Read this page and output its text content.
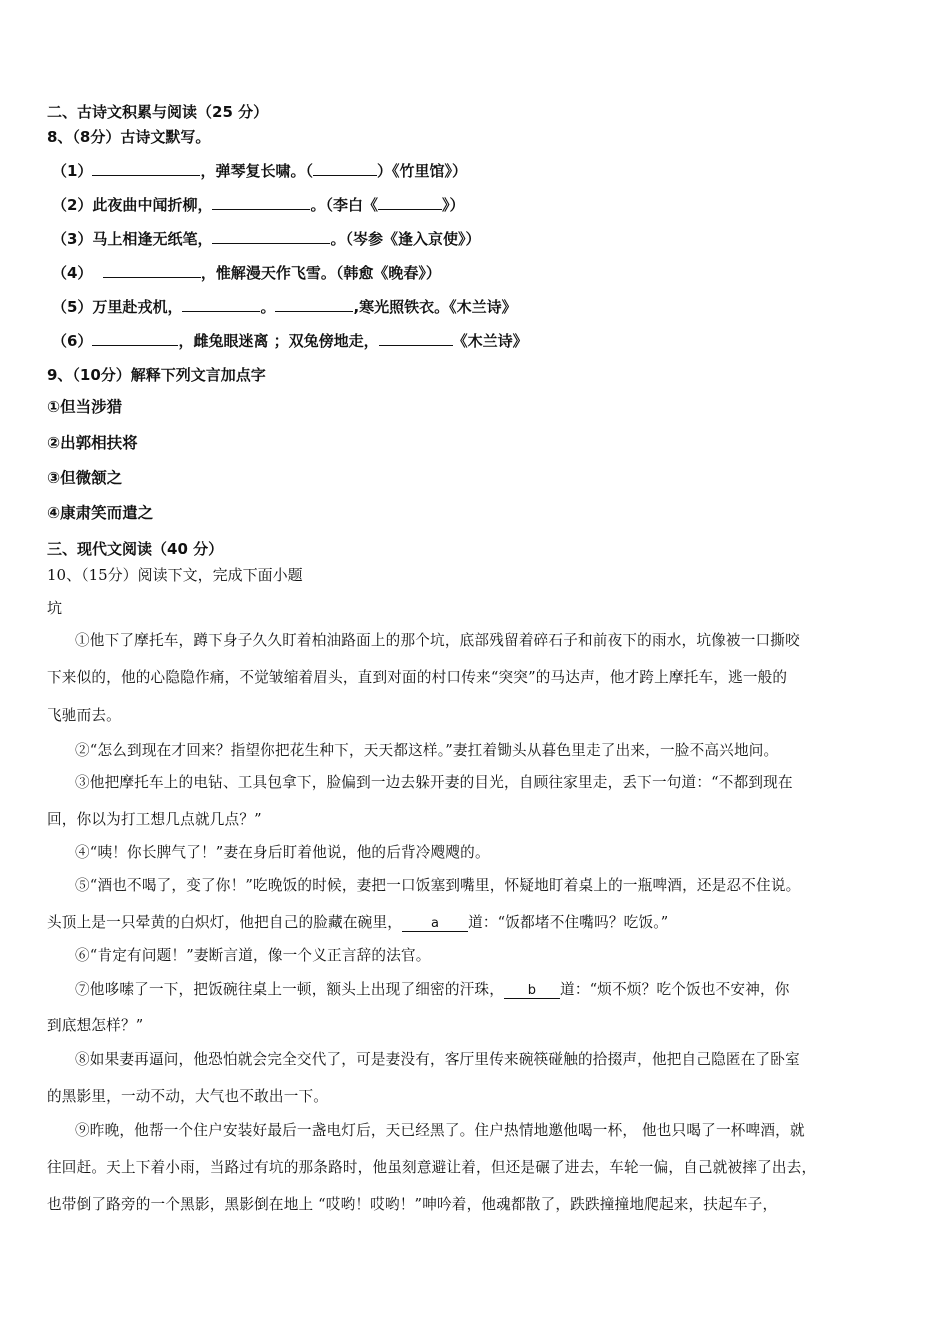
二、古诗文积累与阅读（25 分）
8、（8分）古诗文默写。
（1）	，弹琴复长啸。（	）《竹里馆》）
（2）此夜曲中闻折柳，	。（李白《	》）
（3）马上相逢无纸笔，	。（岑参《逢入京使》）
（4）	，惟解漫天作飞雪。（韩愈《晚春》）
（5）万里赴戎机，	。	,寒光照铁衣。《木兰诗》
（6）	，雌兔眼迷离 ；双兔傍地走，	《木兰诗》
9、（10分）解释下列文言加点字
①但当涉猎
②出郭相扶将
③但微颔之
④康肃笑而遣之
三、现代文阅读（40 分）
10、（15分）阅读下文，完成下面小题
坑
①他下了摩托车，蹲下身子久久盯着柏油路面上的那个坑，底部残留着碎石子和前夜下的雨水，坑像被一口撕咬
下来似的，他的心隐隐作痛，不觉皱缩着眉头，直到对面的村口传来“突突”的马达声，他才跨上摩托车，逃一般的
飞驰而去。
②“怎么到现在才回来？指望你把花生种下，天天都这样。”妻扛着锄头从暮色里走了出来，一脸不高兴地问。
③他把摩托车上的电钻、工具包拿下，脸偏到一边去躲开妻的目光，自顾往家里走，丢下一句道：“不都到现在
回，你以为打工想几点就几点？”
④“咦！你长脾气了！”妻在身后盯着他说，他的后背冷飕飕的。
⑤“酒也不喝了，变了你！”吃晚饭的时候，妻把一口饭塞到嘴里，怀疑地盯着桌上的一瓶啤酒，还是忍不住说。
头顶上是一只晕黄的白炽灯，他把自己的脸藏在碗里， a 道：“饭都堵不住嘴吗？吃饭。”
⑥“肯定有问题！”妻断言道，像一个义正言辞的法官。
⑦他哆嗦了一下，把饭碗往桌上一顿，额头上出现了细密的汗珠， b 道：“烦不烦？吃个饭也不安神，你
到底想怎样？”
⑧如果妻再逼问，他恐怕就会完全交代了，可是妻没有，客厅里传来碗筷碰触的拾掇声，他把自己隐匿在了卧室
的黑影里，一动不动，大气也不敢出一下。
⑨昨晚，他帮一个住户安装好最后一盏电灯后，天已经黑了。住户热情地邀他喝一杯， 他也只喝了一杯啤酒，就
往回赶。天上下着小雨，当路过有坑的那条路时，他虽刻意避让着，但还是碾了进去，车轮一偏，自己就被摔了出去，
也带倒了路旁的一个黑影，黑影倒在地上 “哎哟！哎哟！”呻吟着，他魂都散了，跌跌撞撞地爬起来，扶起车子，
